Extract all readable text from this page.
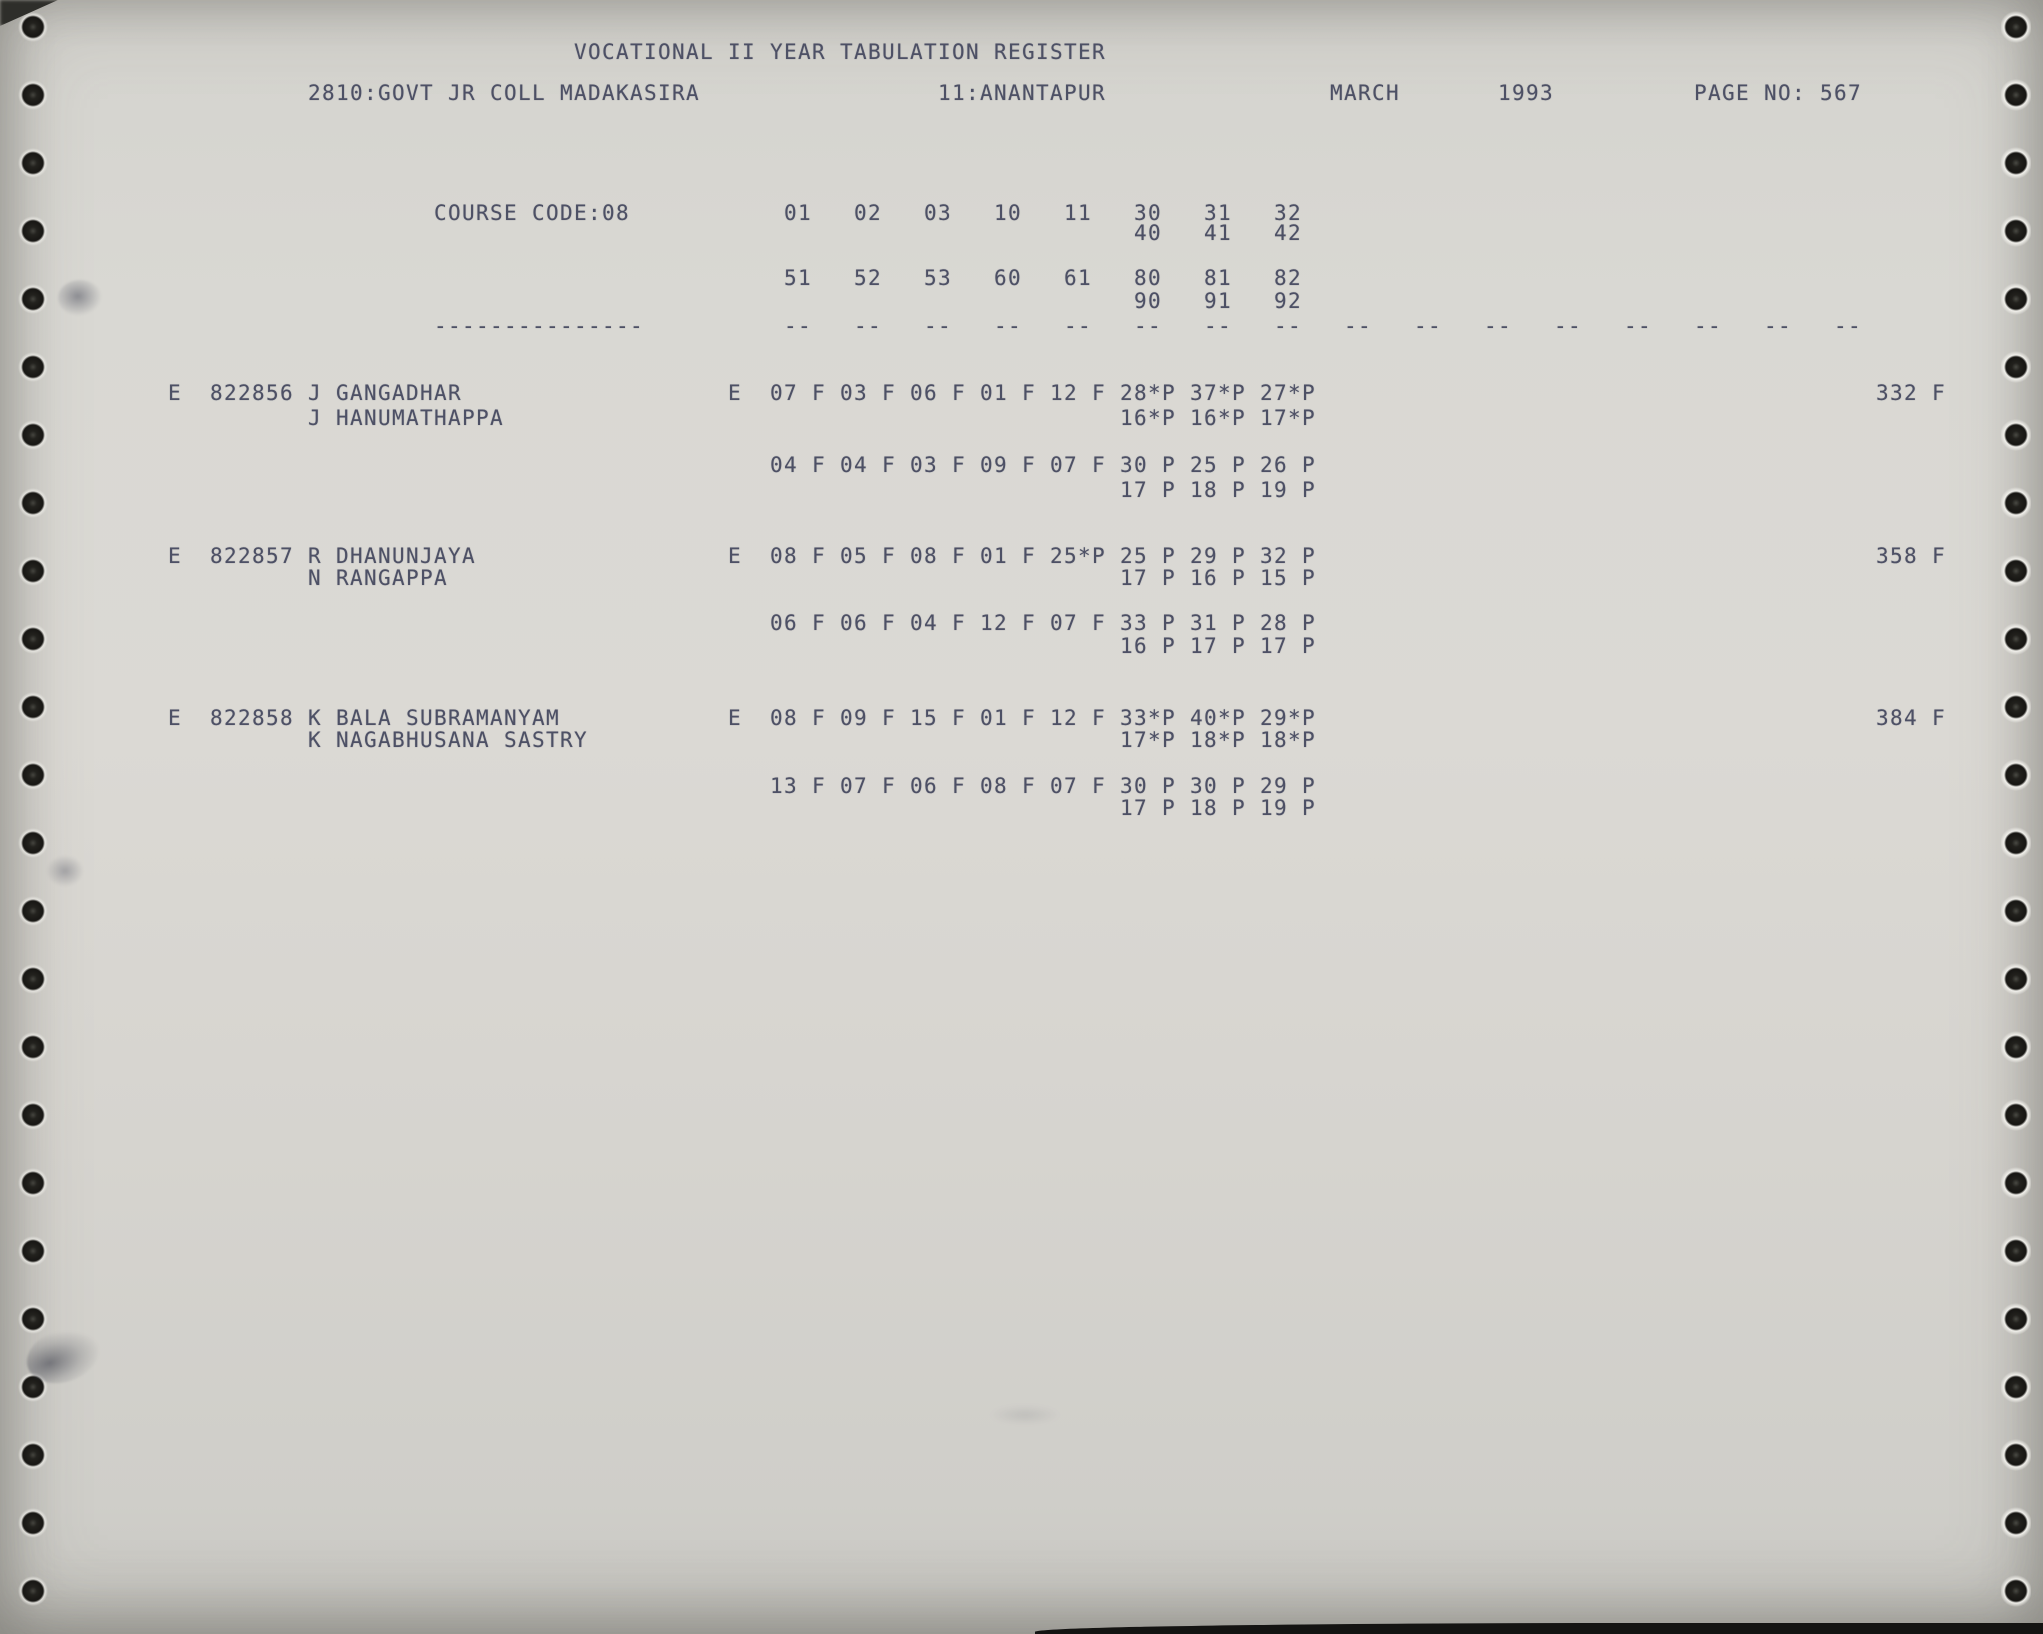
VOCATIONAL II YEAR TABULATION REGISTER
2810:GOVT JR COLL MADAKASIRA                 11:ANANTAPUR                MARCH       1993          PAGE NO: 567
COURSE CODE:08           01   02   03   10   11   30   31   32
40   41   42
51   52   53   60   61   80   81   82
90   91   92
---------------          --   --   --   --   --   --   --   --   --   --   --   --   --   --   --   --
E  822856 J GANGADHAR                   E  07 F 03 F 06 F 01 F 12 F 28*P 37*P 27*P                                        332 F
J HANUMATHAPPA                                            16*P 16*P 17*P
04 F 04 F 03 F 09 F 07 F 30 P 25 P 26 P
17 P 18 P 19 P
E  822857 R DHANUNJAYA                  E  08 F 05 F 08 F 01 F 25*P 25 P 29 P 32 P                                        358 F
N RANGAPPA                                                17 P 16 P 15 P
06 F 06 F 04 F 12 F 07 F 33 P 31 P 28 P
16 P 17 P 17 P
E  822858 K BALA SUBRAMANYAM            E  08 F 09 F 15 F 01 F 12 F 33*P 40*P 29*P                                        384 F
K NAGABHUSANA SASTRY                                      17*P 18*P 18*P
13 F 07 F 06 F 08 F 07 F 30 P 30 P 29 P
17 P 18 P 19 P
